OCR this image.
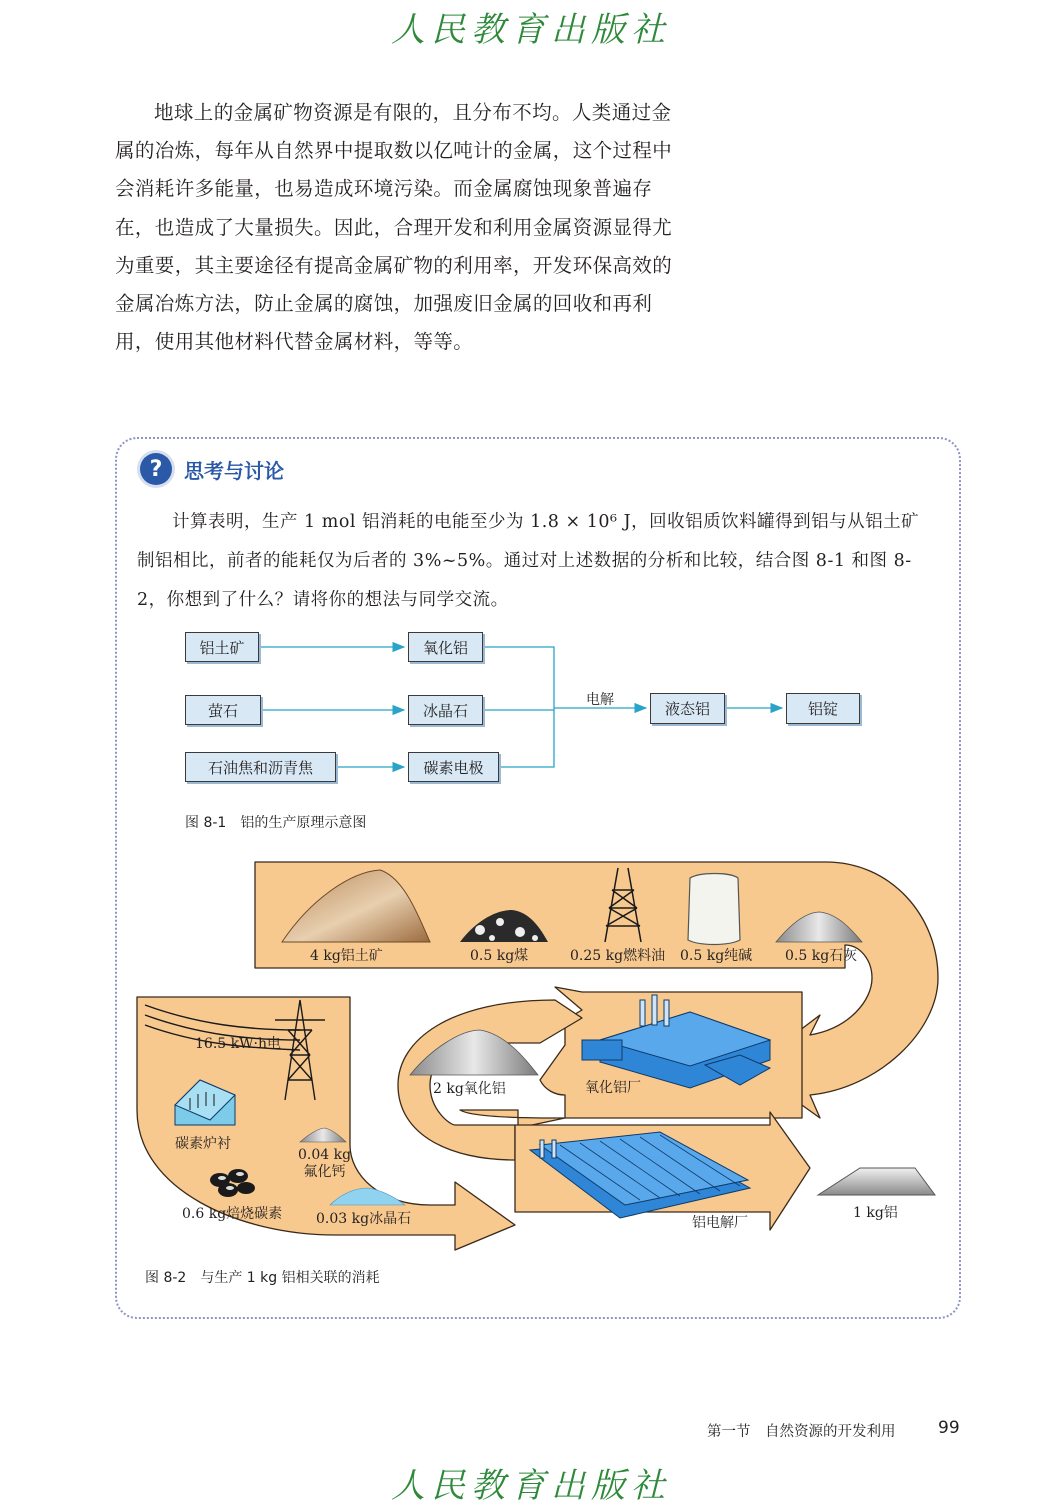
人民教育出版社

地球上的金属矿物资源是有限的，且分布不均。人类通过金属的冶炼，每年从自然界中提取数以亿吨计的金属，这个过程中会消耗许多能量，也易造成环境污染。而金属腐蚀现象普遍存在，也造成了大量损失。因此，合理开发和利用金属资源显得尤为重要，其主要途径有提高金属矿物的利用率，开发环保高效的金属冶炼方法，防止金属的腐蚀，加强废旧金属的回收和再利用，使用其他材料代替金属材料，等等。

?	思考与讨论

计算表明，生产 1 mol 铝消耗的电能至少为 1.8 × 10⁶ J，回收铝质饮料罐得到铝与从铝土矿制铝相比，前者的能耗仅为后者的 3%~5%。通过对上述数据的分析和比较，结合图 8-1 和图 8-2，你想到了什么？请将你的想法与同学交流。

铝土矿
萤石
石油焦和沥青焦
氧化铝
冰晶石
碳素电极
液态铝	铝锭
电解
图 8-1　铝的生产原理示意图
4 kg铝土矿	0.5 kg煤	0.25 kg燃料油 0.5 kg纯碱 0.5 kg石灰
氧化铝厂
2 kg氧化铝
16.5 kW·h电
碳素炉衬
0.04 kg
氟化钙
0.6 kg焙烧碳素 0.03 kg冰晶石	铝电解厂
1 kg铝
图 8-2　与生产 1 kg 铝相关联的消耗
第一节　自然资源的开发利用	99
人民教育出版社
